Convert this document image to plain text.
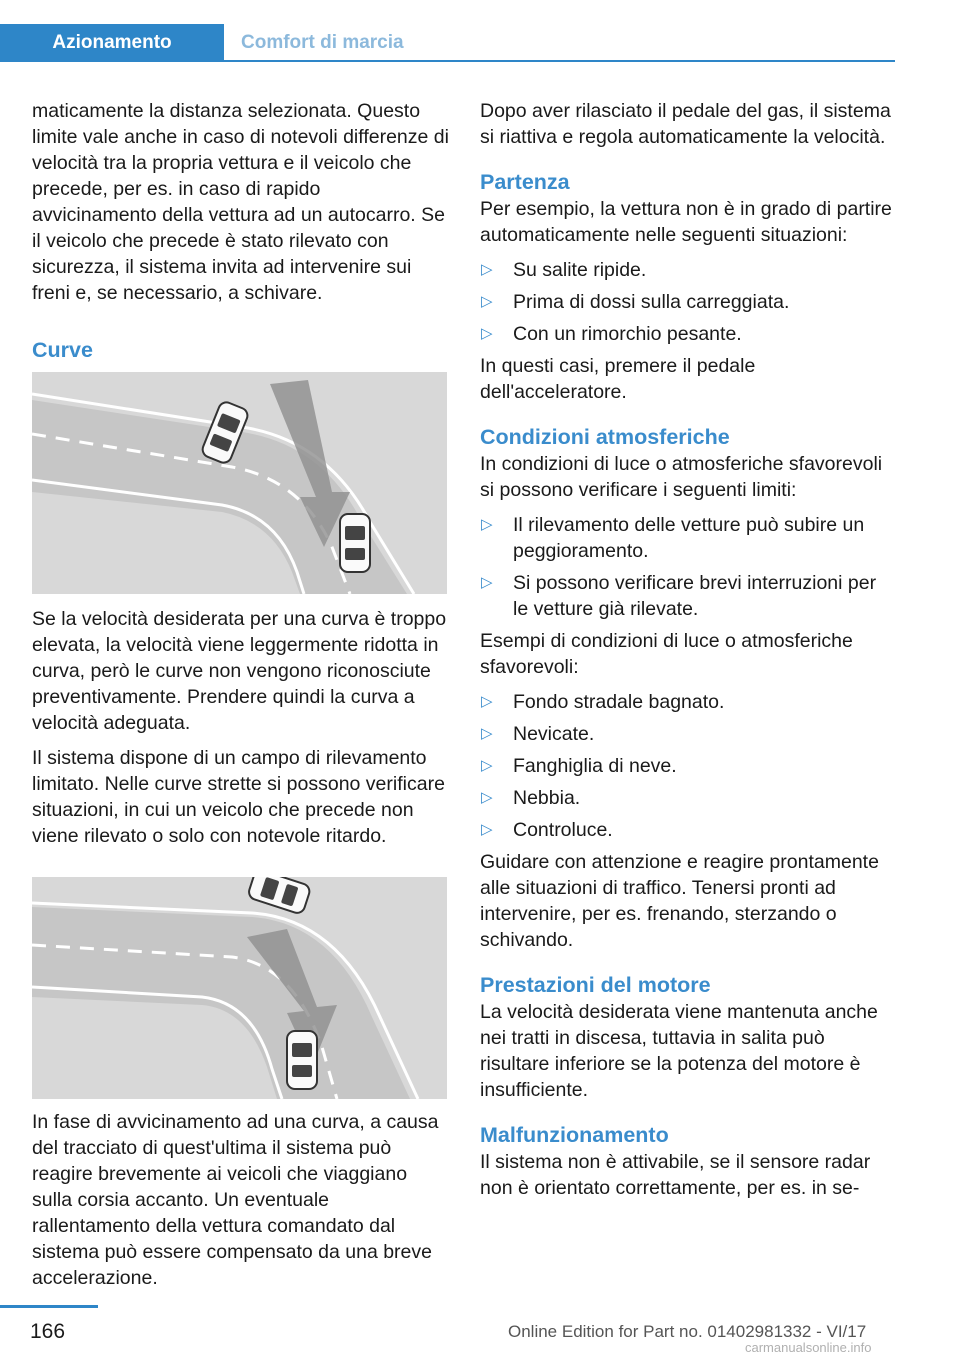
Azionamento	Comfort di marcia

maticamente la distanza selezionata. Questo limite vale anche in caso di notevoli differenze di velocità tra la propria vettura e il veicolo che precede, per es. in caso di rapido avvicinamento della vettura ad un autocarro. Se il veicolo che precede è stato rilevato con sicurezza, il sistema invita ad intervenire sui freni e, se necessario, a schivare.

Curve

Se la velocità desiderata per una curva è troppo elevata, la velocità viene leggermente ridotta in curva, però le curve non vengono riconosciute preventivamente. Prendere quindi la curva a velocità adeguata.

Il sistema dispone di un campo di rilevamento limitato. Nelle curve strette si possono verificare situazioni, in cui un veicolo che precede non viene rilevato o solo con notevole ritardo.

In fase di avvicinamento ad una curva, a causa del tracciato di quest'ultima il sistema può reagire brevemente ai veicoli che viaggiano sulla corsia accanto. Un eventuale rallentamento della vettura comandato dal sistema può essere compensato da una breve accelerazione.

Dopo aver rilasciato il pedale del gas, il sistema si riattiva e regola automaticamente la velocità.

Partenza

Per esempio, la vettura non è in grado di partire automaticamente nelle seguenti situazioni:

▷ Su salite ripide.
▷ Prima di dossi sulla carreggiata.
▷ Con un rimorchio pesante.

In questi casi, premere il pedale dell'acceleratore.

Condizioni atmosferiche

In condizioni di luce o atmosferiche sfavorevoli si possono verificare i seguenti limiti:

▷ Il rilevamento delle vetture può subire un peggioramento.
▷ Si possono verificare brevi interruzioni per le vetture già rilevate.

Esempi di condizioni di luce o atmosferiche sfavorevoli:

▷ Fondo stradale bagnato.
▷ Nevicate.
▷ Fanghiglia di neve.
▷ Nebbia.
▷ Controluce.

Guidare con attenzione e reagire prontamente alle situazioni di traffico. Tenersi pronti ad intervenire, per es. frenando, sterzando o schivando.

Prestazioni del motore

La velocità desiderata viene mantenuta anche nei tratti in discesa, tuttavia in salita può risultare inferiore se la potenza del motore è insufficiente.

Malfunzionamento

Il sistema non è attivabile, se il sensore radar non è orientato correttamente, per es. in se-

166	Online Edition for Part no. 01402981332 - VI/17
carmanualsonline.info
